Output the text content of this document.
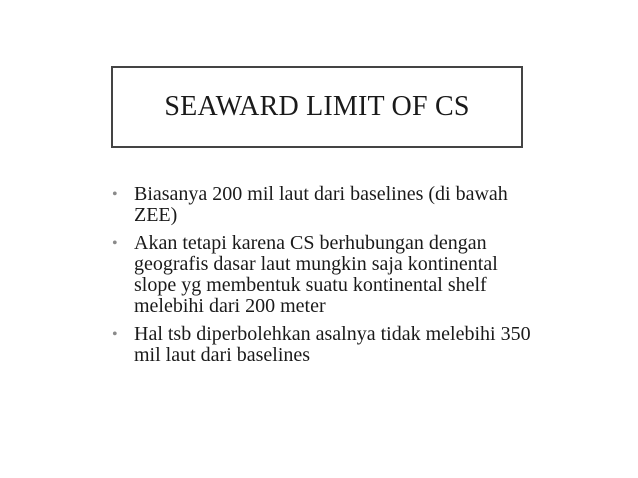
SEAWARD LIMIT OF CS
• Biasanya 200 mil laut dari baselines (di bawah ZEE)
• Akan tetapi karena CS berhubungan dengan geografis dasar laut mungkin saja kontinental slope yg membentuk suatu kontinental shelf melebihi dari 200 meter
• Hal tsb diperbolehkan asalnya tidak melebihi 350 mil laut dari baselines
